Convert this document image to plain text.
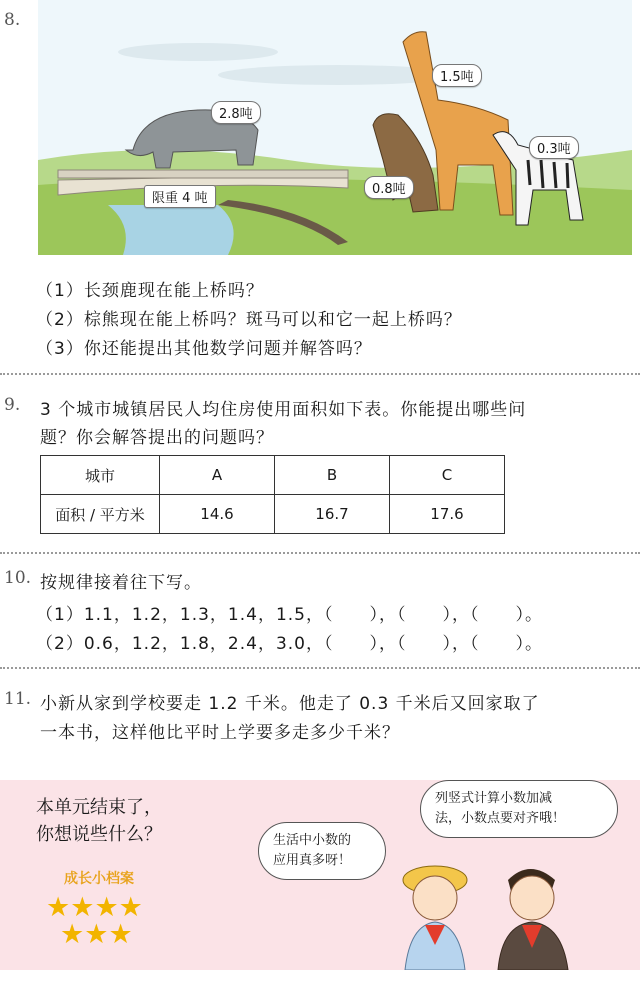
8.
2.8吨
1.5吨
0.8吨
0.3吨
限重 4 吨
（1）长颈鹿现在能上桥吗？
（2）棕熊现在能上桥吗？斑马可以和它一起上桥吗？
（3）你还能提出其他数学问题并解答吗？
9. 3 个城市城镇居民人均住房使用面积如下表。你能提出哪些问
题？你会解答提出的问题吗？
城市	A	B	C
面积 / 平方米	14.6	16.7	17.6
10. 按规律接着往下写。
（1）1.1，1.2，1.3，1.4，1.5，（　　），（　　），（　　）。
（2）0.6，1.2，1.8，2.4，3.0，（　　），（　　），（　　）。
11. 小新从家到学校要走 1.2 千米。他走了 0.3 千米后又回家取了
一本书，这样他比平时上学要多走多少千米？
本单元结束了，
你想说些什么？
成长小档案
★★★★
★★★
列竖式计算小数加减
法，小数点要对齐哦！
生活中小数的
应用真多呀！
